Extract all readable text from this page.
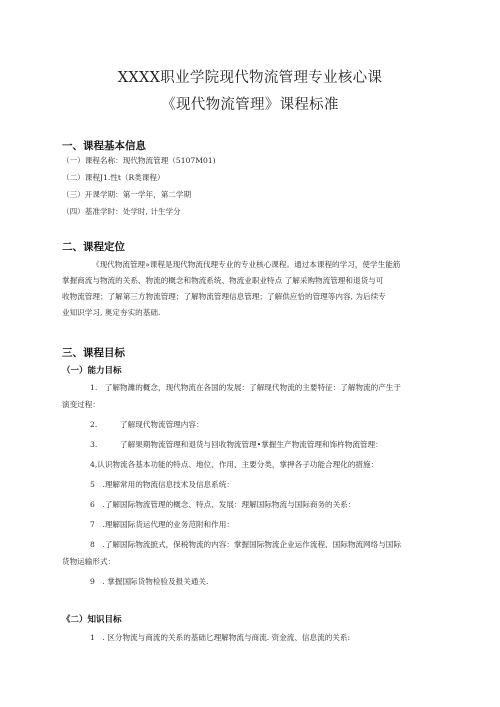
XXXX职业学院现代物流管理专业核心课
《现代物流管理》课程标准
一、课程基本信息
（一）课程名称：现代物流管理（5107M01)
（二）课程J1.性t（R类课程）
（三）开课学期：第一学年，第二学期
（四）基准学时：处学时, 计生学分
二、课程定位
《现代物流管理»课程是现代物流伐理专业的专业核心课程。通过本课程的学习，使学生能筋
掌握商流与物流的关系、物流的概念和物流系统、物流业职业特点 了解采购物流管理和退货与可
收物流管理；了解第三方物流管理；了解物流管理信息管理；了解供应恰的管理等内容, 为后续专
业知识学习, 奥定夯实的基础.
三、课程目标
（一）能力目标
1.　了解物濉的概念，现代物流在各国的发展：了解现代物流的主要特征：了解物流的产生于
演变过程：
2.　　　了解现代物流管理内容：
3.　　　了解果期物流管理和退货与回收物流管理•掌握生产物流管理和饰杵物流管理：
4,认识物流各基本功能的特点、地位、作用、主要分类，掌押各子功能合理化的措施：
5　.理解常用的物流信息技术及信息系统：
6　.了解国际物流管理的概念、特点、发展：理解国际物流与国际商务的关系：
7　.理解国际货运代理的业务范附和作用：
8　.了解国际物流摭式，保税物流的内容：掌握国际物流企业运作流程、国际物流网络与国际
货物运输形式：
9　. 掌握国际货物检验及报关通关.
《二）知识目标
1　. 区分物流与商流的关系的基础匕理解物流与商流. 资金流、信息流的关系:
